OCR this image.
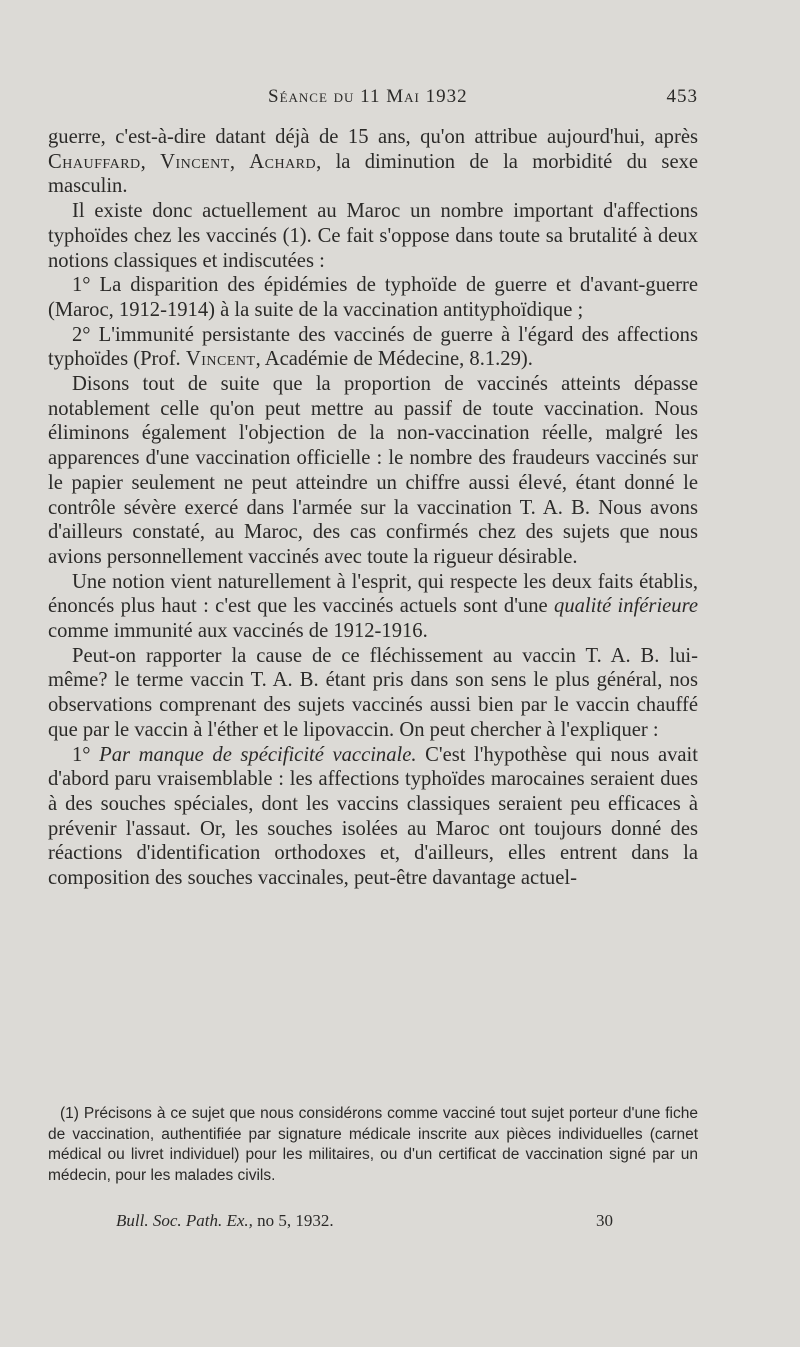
Séance du 11 Mai 1932	453

guerre, c'est-à-dire datant déjà de 15 ans, qu'on attribue aujourd'hui, après Chauffard, Vincent, Achard, la diminution de la morbidité du sexe masculin.

Il existe donc actuellement au Maroc un nombre important d'affections typhoïdes chez les vaccinés (1). Ce fait s'oppose dans toute sa brutalité à deux notions classiques et indiscutées :

1° La disparition des épidémies de typhoïde de guerre et d'avant-guerre (Maroc, 1912-1914) à la suite de la vaccination antityphoïdique ;

2° L'immunité persistante des vaccinés de guerre à l'égard des affections typhoïdes (Prof. Vincent, Académie de Médecine, 8.1.29).

Disons tout de suite que la proportion de vaccinés atteints dépasse notablement celle qu'on peut mettre au passif de toute vaccination. Nous éliminons également l'objection de la non-vaccination réelle, malgré les apparences d'une vaccination officielle : le nombre des fraudeurs vaccinés sur le papier seulement ne peut atteindre un chiffre aussi élevé, étant donné le contrôle sévère exercé dans l'armée sur la vaccination T. A. B. Nous avons d'ailleurs constaté, au Maroc, des cas confirmés chez des sujets que nous avions personnellement vaccinés avec toute la rigueur désirable.

Une notion vient naturellement à l'esprit, qui respecte les deux faits établis, énoncés plus haut : c'est que les vaccinés actuels sont d'une qualité inférieure comme immunité aux vaccinés de 1912-1916.

Peut-on rapporter la cause de ce fléchissement au vaccin T. A. B. lui-même? le terme vaccin T. A. B. étant pris dans son sens le plus général, nos observations comprenant des sujets vaccinés aussi bien par le vaccin chauffé que par le vaccin à l'éther et le lipovaccin. On peut chercher à l'expliquer :

1° Par manque de spécificité vaccinale. C'est l'hypothèse qui nous avait d'abord paru vraisemblable : les affections typhoïdes marocaines seraient dues à des souches spéciales, dont les vaccins classiques seraient peu efficaces à prévenir l'assaut. Or, les souches isolées au Maroc ont toujours donné des réactions d'identification orthodoxes et, d'ailleurs, elles entrent dans la composition des souches vaccinales, peut-être davantage actuel-

(1) Précisons à ce sujet que nous considérons comme vacciné tout sujet porteur d'une fiche de vaccination, authentifiée par signature médicale inscrite aux pièces individuelles (carnet médical ou livret individuel) pour les militaires, ou d'un certificat de vaccination signé par un médecin, pour les malades civils.

Bull. Soc. Path. Ex., no 5, 1932.	30
